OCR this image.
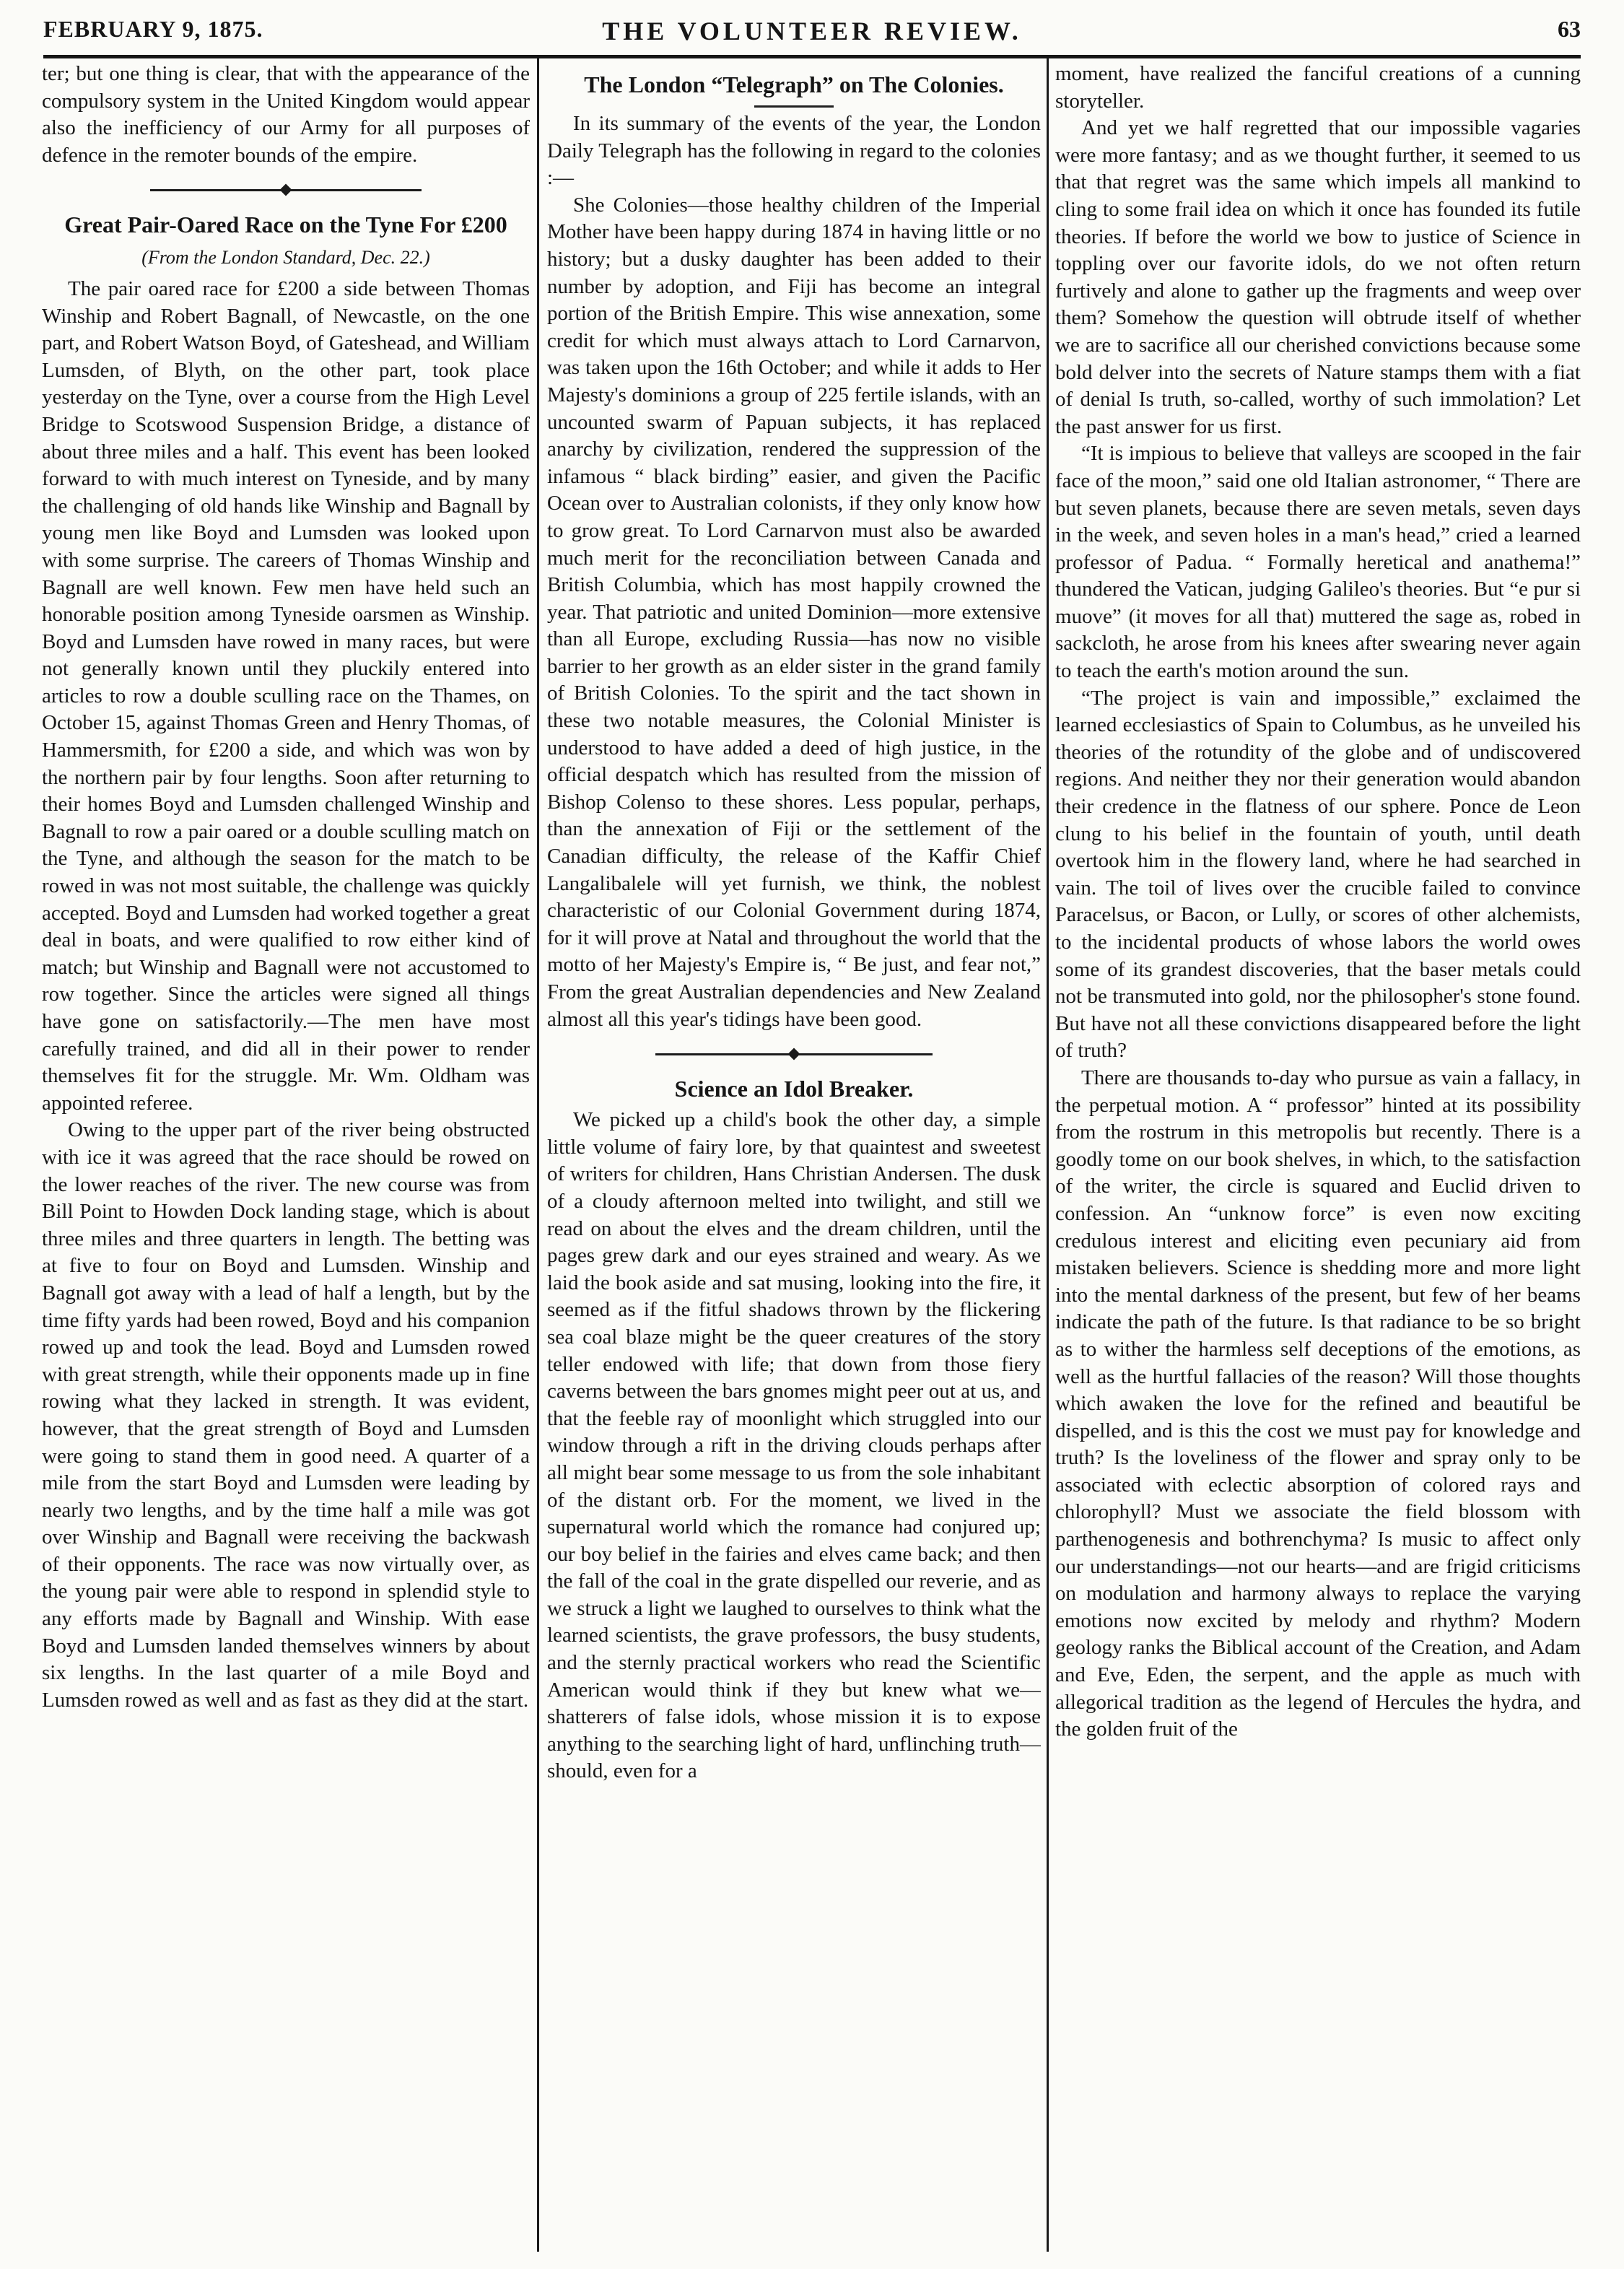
FEBRUARY 9, 1875.	THE VOLUNTEER REVIEW.	63

ter; but one thing is clear, that with the appearance of the compulsory system in the United Kingdom would appear also the inefficiency of our Army for all purposes of defence in the remoter bounds of the empire.

Great Pair-Oared Race on the Tyne For £200
(From the London Standard, Dec. 22.)

The pair oared race for £200 a side between Thomas Winship and Robert Bagnall, of Newcastle, on the one part, and Robert Watson Boyd, of Gateshead, and William Lumsden, of Blyth, on the other part, took place yesterday on the Tyne, over a course from the High Level Bridge to Scotswood Suspension Bridge, a distance of about three miles and a half. This event has been looked forward to with much interest on Tyneside, and by many the challenging of old hands like Winship and Bagnall by young men like Boyd and Lumsden was looked upon with some surprise. The careers of Thomas Winship and Bagnall are well known. Few men have held such an honorable position among Tyneside oarsmen as Winship. Boyd and Lumsden have rowed in many races, but were not generally known until they pluckily entered into articles to row a double sculling race on the Thames, on October 15, against Thomas Green and Henry Thomas, of Hammersmith, for £200 a side, and which was won by the northern pair by four lengths. Soon after returning to their homes Boyd and Lumsden challenged Winship and Bagnall to row a pair oared or a double sculling match on the Tyne, and although the season for the match to be rowed in was not most suitable, the challenge was quickly accepted. Boyd and Lumsden had worked together a great deal in boats, and were qualified to row either kind of match; but Winship and Bagnall were not accustomed to row together. Since the articles were signed all things have gone on satisfactorily.—The men have most carefully trained, and did all in their power to render themselves fit for the struggle. Mr. Wm. Oldham was appointed referee.

Owing to the upper part of the river being obstructed with ice it was agreed that the race should be rowed on the lower reaches of the river. The new course was from Bill Point to Howden Dock landing stage, which is about three miles and three quarters in length. The betting was at five to four on Boyd and Lumsden. Winship and Bagnall got away with a lead of half a length, but by the time fifty yards had been rowed, Boyd and his companion rowed up and took the lead. Boyd and Lumsden rowed with great strength, while their opponents made up in fine rowing what they lacked in strength. It was evident, however, that the great strength of Boyd and Lumsden were going to stand them in good need. A quarter of a mile from the start Boyd and Lumsden were leading by nearly two lengths, and by the time half a mile was got over Winship and Bagnall were receiving the backwash of their opponents. The race was now virtually over, as the young pair were able to respond in splendid style to any efforts made by Bagnall and Winship. With ease Boyd and Lumsden landed themselves winners by about six lengths. In the last quarter of a mile Boyd and Lumsden rowed as well and as fast as they did at the start.

The London “Telegraph” on The Colonies.

In its summary of the events of the year, the London Daily Telegraph has the following in regard to the colonies :—

She Colonies—those healthy children of the Imperial Mother have been happy during 1874 in having little or no history; but a dusky daughter has been added to their number by adoption, and Fiji has become an integral portion of the British Empire. This wise annexation, some credit for which must always attach to Lord Carnarvon, was taken upon the 16th October; and while it adds to Her Majesty's dominions a group of 225 fertile islands, with an uncounted swarm of Papuan subjects, it has replaced anarchy by civilization, rendered the suppression of the infamous “ black birding” easier, and given the Pacific Ocean over to Australian colonists, if they only know how to grow great. To Lord Carnarvon must also be awarded much merit for the reconciliation between Canada and British Columbia, which has most happily crowned the year. That patriotic and united Dominion—more extensive than all Europe, excluding Russia—has now no visible barrier to her growth as an elder sister in the grand family of British Colonies. To the spirit and the tact shown in these two notable measures, the Colonial Minister is understood to have added a deed of high justice, in the official despatch which has resulted from the mission of Bishop Colenso to these shores. Less popular, perhaps, than the annexation of Fiji or the settlement of the Canadian difficulty, the release of the Kaffir Chief Langalibalele will yet furnish, we think, the noblest characteristic of our Colonial Government during 1874, for it will prove at Natal and throughout the world that the motto of her Majesty's Empire is, “ Be just, and fear not,” From the great Australian dependencies and New Zealand almost all this year's tidings have been good.

Science an Idol Breaker.

We picked up a child's book the other day, a simple little volume of fairy lore, by that quaintest and sweetest of writers for children, Hans Christian Andersen. The dusk of a cloudy afternoon melted into twilight, and still we read on about the elves and the dream children, until the pages grew dark and our eyes strained and weary. As we laid the book aside and sat musing, looking into the fire, it seemed as if the fitful shadows thrown by the flickering sea coal blaze might be the queer creatures of the story teller endowed with life; that down from those fiery caverns between the bars gnomes might peer out at us, and that the feeble ray of moonlight which struggled into our window through a rift in the driving clouds perhaps after all might bear some message to us from the sole inhabitant of the distant orb. For the moment, we lived in the supernatural world which the romance had conjured up; our boy belief in the fairies and elves came back; and then the fall of the coal in the grate dispelled our reverie, and as we struck a light we laughed to ourselves to think what the learned scientists, the grave professors, the busy students, and the sternly practical workers who read the Scientific American would think if they but knew what we—shatterers of false idols, whose mission it is to expose anything to the searching light of hard, unflinching truth—should, even for a

moment, have realized the fanciful creations of a cunning storyteller.

And yet we half regretted that our impossible vagaries were more fantasy; and as we thought further, it seemed to us that that regret was the same which impels all mankind to cling to some frail idea on which it once has founded its futile theories. If before the world we bow to justice of Science in toppling over our favorite idols, do we not often return furtively and alone to gather up the fragments and weep over them? Somehow the question will obtrude itself of whether we are to sacrifice all our cherished convictions because some bold delver into the secrets of Nature stamps them with a fiat of denial Is truth, so-called, worthy of such immolation? Let the past answer for us first.

“It is impious to believe that valleys are scooped in the fair face of the moon,” said one old Italian astronomer, “ There are but seven planets, because there are seven metals, seven days in the week, and seven holes in a man's head,” cried a learned professor of Padua. “ Formally heretical and anathema!” thundered the Vatican, judging Galileo's theories. But “e pur si muove” (it moves for all that) muttered the sage as, robed in sackcloth, he arose from his knees after swearing never again to teach the earth's motion around the sun.

“The project is vain and impossible,” exclaimed the learned ecclesiastics of Spain to Columbus, as he unveiled his theories of the rotundity of the globe and of undiscovered regions. And neither they nor their generation would abandon their credence in the flatness of our sphere. Ponce de Leon clung to his belief in the fountain of youth, until death overtook him in the flowery land, where he had searched in vain. The toil of lives over the crucible failed to convince Paracelsus, or Bacon, or Lully, or scores of other alchemists, to the incidental products of whose labors the world owes some of its grandest discoveries, that the baser metals could not be transmuted into gold, nor the philosopher's stone found. But have not all these convictions disappeared before the light of truth?

There are thousands to-day who pursue as vain a fallacy, in the perpetual motion. A “ professor” hinted at its possibility from the rostrum in this metropolis but recently. There is a goodly tome on our book shelves, in which, to the satisfaction of the writer, the circle is squared and Euclid driven to confession. An “unknow force” is even now exciting credulous interest and eliciting even pecuniary aid from mistaken believers. Science is shedding more and more light into the mental darkness of the present, but few of her beams indicate the path of the future. Is that radiance to be so bright as to wither the harmless self deceptions of the emotions, as well as the hurtful fallacies of the reason? Will those thoughts which awaken the love for the refined and beautiful be dispelled, and is this the cost we must pay for knowledge and truth? Is the loveliness of the flower and spray only to be associated with eclectic absorption of colored rays and chlorophyll? Must we associate the field blossom with parthenogenesis and bothrenchyma? Is music to affect only our understandings—not our hearts—and are frigid criticisms on modulation and harmony always to replace the varying emotions now excited by melody and rhythm? Modern geology ranks the Biblical account of the Creation, and Adam and Eve, Eden, the serpent, and the apple as much with allegorical tradition as the legend of Hercules the hydra, and the golden fruit of the
